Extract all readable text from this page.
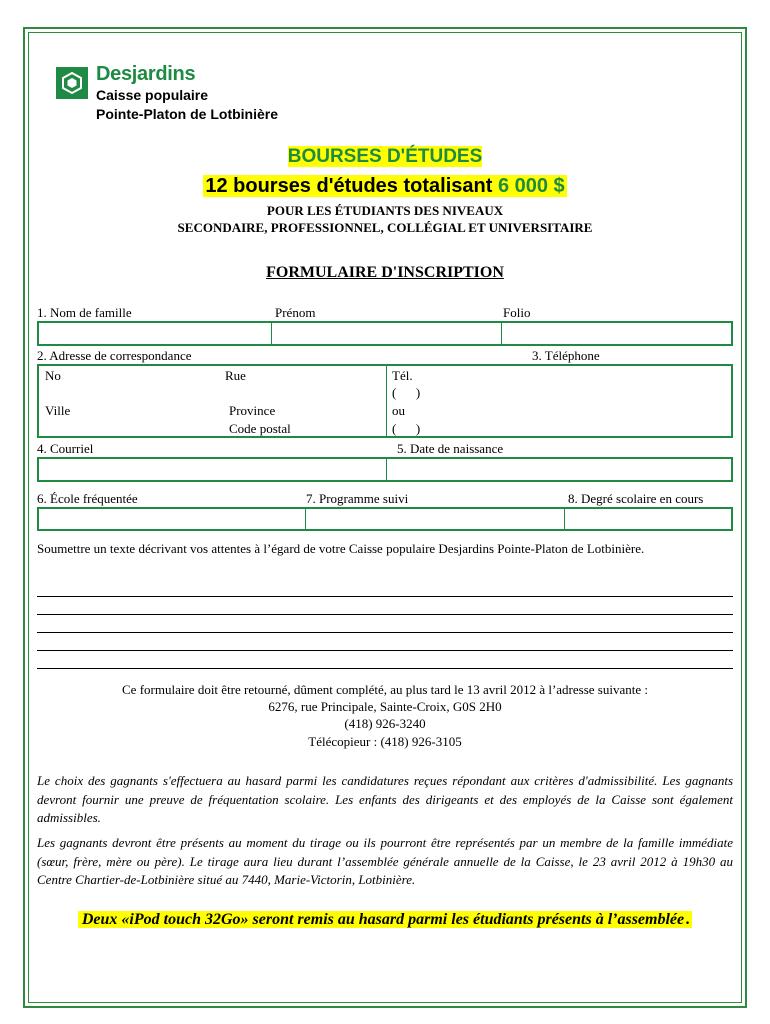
Desjardins
Caisse populaire
Pointe-Platon de Lotbinière
BOURSES D'ÉTUDES
12 bourses d'études totalisant 6 000 $
POUR LES ÉTUDIANTS DES NIVEAUX
SECONDAIRE, PROFESSIONNEL, COLLÉGIAL ET UNIVERSITAIRE
FORMULAIRE D'INSCRIPTION
1. Nom de famille	Prénom	Folio
2. Adresse de correspondance	3. Téléphone
No	Rue
Ville	Province
Code postal
Tél.
(      )
ou
(      )
4. Courriel	5. Date de naissance
6. École fréquentée	7. Programme suivi	8. Degré scolaire en cours
Soumettre un texte décrivant vos attentes à l’égard de votre Caisse populaire Desjardins Pointe-Platon de Lotbinière.
Ce formulaire doit être retourné, dûment complété, au plus tard le 13 avril 2012 à l’adresse suivante :
6276, rue Principale, Sainte-Croix, G0S 2H0
(418) 926-3240
Télécopieur : (418) 926-3105
Le choix des gagnants s'effectuera au hasard parmi les candidatures reçues répondant aux critères d'admissibilité. Les gagnants devront fournir une preuve de fréquentation scolaire. Les enfants des dirigeants et des employés de la Caisse sont également admissibles.
Les gagnants devront être présents au moment du tirage ou ils pourront être représentés par un membre de la famille immédiate (sœur, frère, mère ou père). Le tirage aura lieu durant l’assemblée générale annuelle de la Caisse, le 23 avril 2012 à 19h30 au Centre Chartier-de-Lotbinière situé au 7440, Marie-Victorin, Lotbinière.
Deux «iPod touch 32Go» seront remis au hasard parmi les étudiants présents à l’assemblée .
